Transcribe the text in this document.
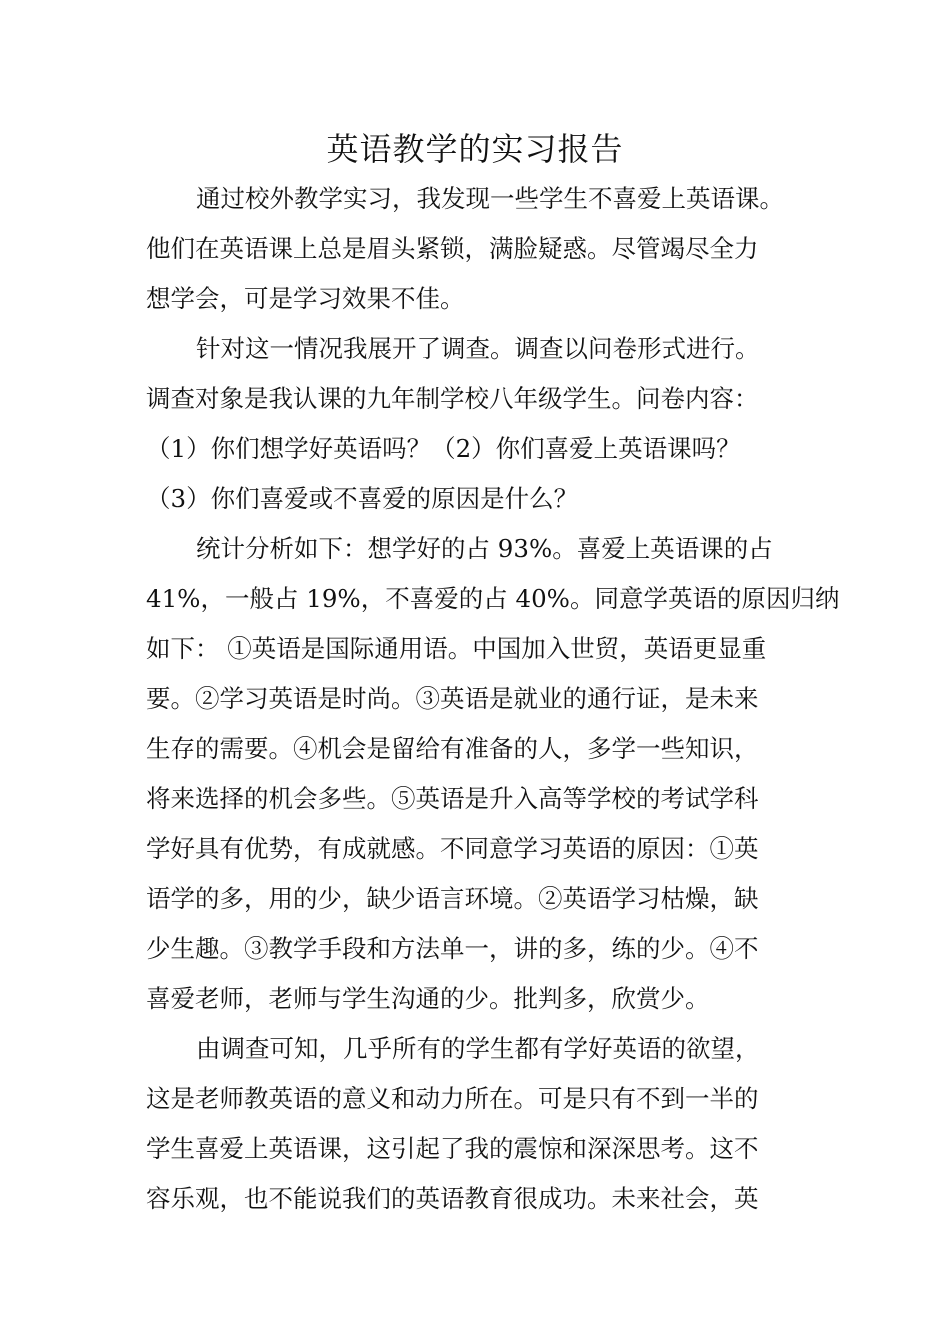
英语教学的实习报告

通过校外教学实习，我发现一些学生不喜爱上英语课。

他们在英语课上总是眉头紧锁，满脸疑惑。尽管竭尽全力

想学会，可是学习效果不佳。

针对这一情况我展开了调查。调查以问卷形式进行。

调查对象是我认课的九年制学校八年级学生。问卷内容：

（1）你们想学好英语吗？（2）你们喜爱上英语课吗？

（3）你们喜爱或不喜爱的原因是什么？

统计分析如下：想学好的占 93%。喜爱上英语课的占

41%，一般占 19%，不喜爱的占 40%。同意学英语的原因归纳

如下： ①英语是国际通用语。中国加入世贸，英语更显重

要。②学习英语是时尚。③英语是就业的通行证，是未来

生存的需要。④机会是留给有准备的人，多学一些知识，

将来选择的机会多些。⑤英语是升入高等学校的考试学科

学好具有优势，有成就感。不同意学习英语的原因：①英

语学的多，用的少，缺少语言环境。②英语学习枯燥，缺

少生趣。③教学手段和方法单一，讲的多，练的少。④不

喜爱老师，老师与学生沟通的少。批判多，欣赏少。

由调查可知，几乎所有的学生都有学好英语的欲望，

这是老师教英语的意义和动力所在。可是只有不到一半的

学生喜爱上英语课，这引起了我的震惊和深深思考。这不

容乐观，也不能说我们的英语教育很成功。未来社会，英
